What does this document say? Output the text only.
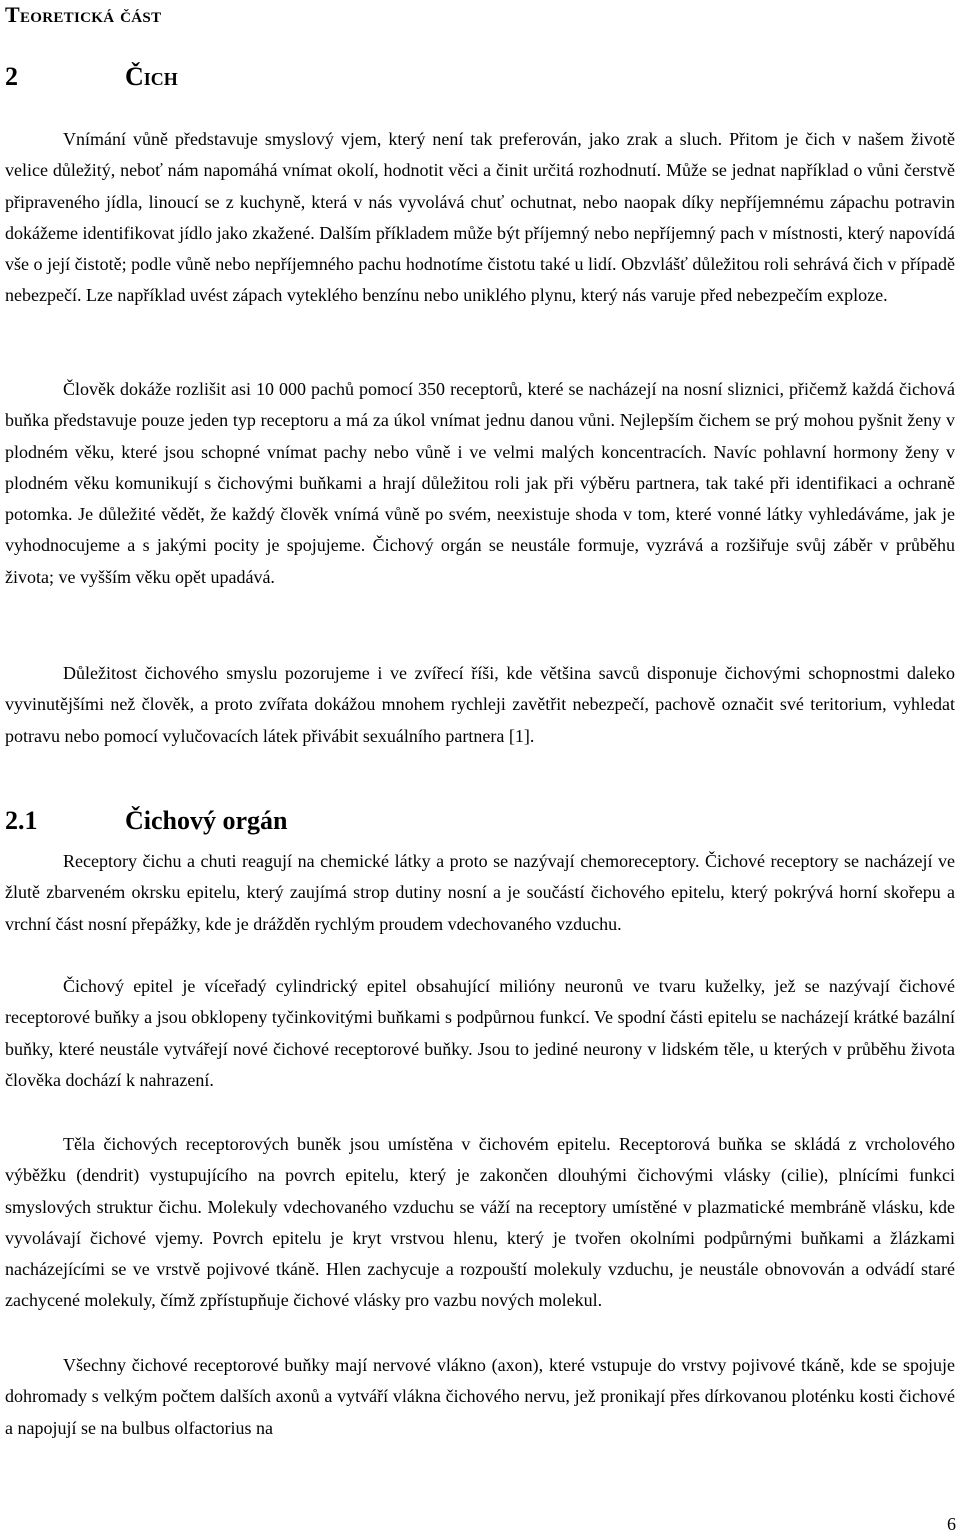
Teoretická část
2	Čich

Vnímání vůně představuje smyslový vjem, který není tak preferován, jako zrak a sluch. Přitom je čich v našem životě velice důležitý, neboť nám napomáhá vnímat okolí, hodnotit věci a činit určitá rozhodnutí. Může se jednat například o vůni čerstvě připraveného jídla, linoucí se z kuchyně, která v nás vyvolává chuť ochutnat, nebo naopak díky nepříjemnému zápachu potravin dokážeme identifikovat jídlo jako zkažené. Dalším příkladem může být příjemný nebo nepříjemný pach v místnosti, který napovídá vše o její čistotě; podle vůně nebo nepříjemného pachu hodnotíme čistotu také u lidí. Obzvlášť důležitou roli sehrává čich v případě nebezpečí. Lze například uvést zápach vyteklého benzínu nebo uniklého plynu, který nás varuje před nebezpečím exploze.

Člověk dokáže rozlišit asi 10 000 pachů pomocí 350 receptorů, které se nacházejí na nosní sliznici, přičemž každá čichová buňka představuje pouze jeden typ receptoru a má za úkol vnímat jednu danou vůni. Nejlepším čichem se prý mohou pyšnit ženy v plodném věku, které jsou schopné vnímat pachy nebo vůně i ve velmi malých koncentracích. Navíc pohlavní hormony ženy v plodném věku komunikují s čichovými buňkami a hrají důležitou roli jak při výběru partnera, tak také při identifikaci a ochraně potomka. Je důležité vědět, že každý člověk vnímá vůně po svém, neexistuje shoda v tom, které vonné látky vyhledáváme, jak je vyhodnocujeme a s jakými pocity je spojujeme. Čichový orgán se neustále formuje, vyzrává a rozšiřuje svůj záběr v průběhu života; ve vyšším věku opět upadává.

Důležitost čichového smyslu pozorujeme i ve zvířecí říši, kde většina savců disponuje čichovými schopnostmi daleko vyvinutějšími než člověk, a proto zvířata dokážou mnohem rychleji zavětřit nebezpečí, pachově označit své teritorium, vyhledat potravu nebo pomocí vylučovacích látek přivábit sexuálního partnera [1].

2.1	Čichový orgán

Receptory čichu a chuti reagují na chemické látky a proto se nazývají chemoreceptory. Čichové receptory se nacházejí ve žlutě zbarveném okrsku epitelu, který zaujímá strop dutiny nosní a je součástí čichového epitelu, který pokrývá horní skořepu a vrchní část nosní přepážky, kde je drážděn rychlým proudem vdechovaného vzduchu.

Čichový epitel je víceřadý cylindrický epitel obsahující milióny neuronů ve tvaru kuželky, jež se nazývají čichové receptorové buňky a jsou obklopeny tyčinkovitými buňkami s podpůrnou funkcí. Ve spodní části epitelu se nacházejí krátké bazální buňky, které neustále vytvářejí nové čichové receptorové buňky. Jsou to jediné neurony v lidském těle, u kterých v průběhu života člověka dochází k nahrazení.

Těla čichových receptorových buněk jsou umístěna v čichovém epitelu. Receptorová buňka se skládá z vrcholového výběžku (dendrit) vystupujícího na povrch epitelu, který je zakončen dlouhými čichovými vlásky (cilie), plnícími funkci smyslových struktur čichu. Molekuly vdechovaného vzduchu se váží na receptory umístěné v plazmatické membráně vlásku, kde vyvolávají čichové vjemy. Povrch epitelu je kryt vrstvou hlenu, který je tvořen okolními podpůrnými buňkami a žlázkami nacházejícími se ve vrstvě pojivové tkáně. Hlen zachycuje a rozpouští molekuly vzduchu, je neustále obnovován a odvádí staré zachycené molekuly, čímž zpřístupňuje čichové vlásky pro vazbu nových molekul.

Všechny čichové receptorové buňky mají nervové vlákno (axon), které vstupuje do vrstvy pojivové tkáně, kde se spojuje dohromady s velkým počtem dalších axonů a vytváří vlákna čichového nervu, jež pronikají přes dírkovanou ploténku kosti čichové a napojují se na bulbus olfactorius na

6
